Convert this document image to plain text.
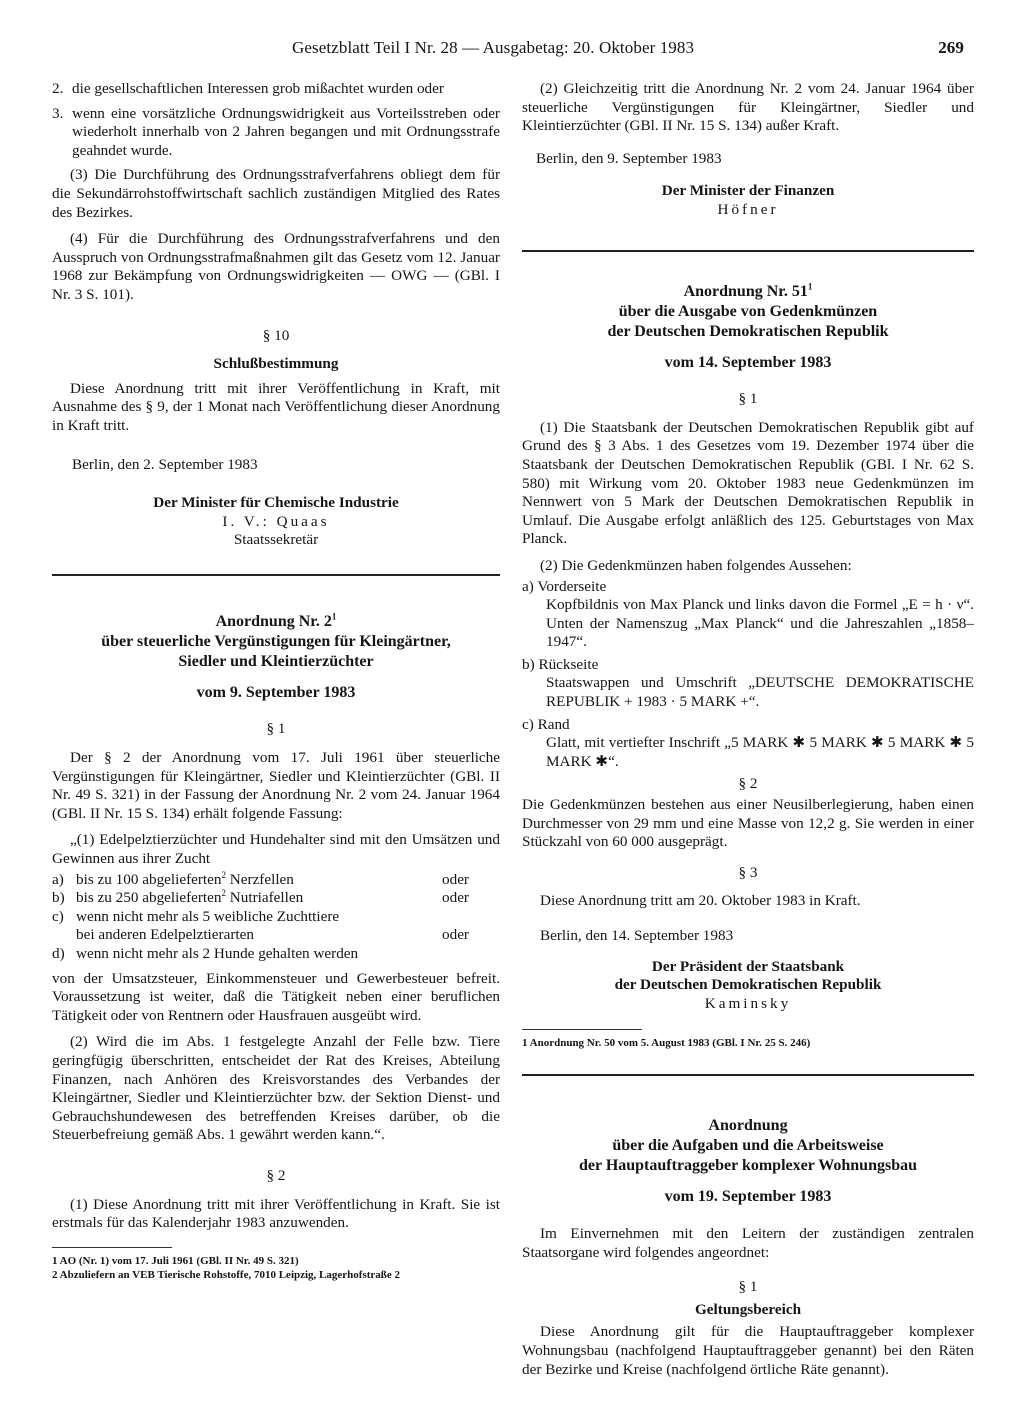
Gesetzblatt Teil I Nr. 28 — Ausgabetag: 20. Oktober 1983	269
2. die gesellschaftlichen Interessen grob mißachtet wurden oder
3. wenn eine vorsätzliche Ordnungswidrigkeit aus Vorteilsstreben oder wiederholt innerhalb von 2 Jahren begangen und mit Ordnungsstrafe geahndet wurde.

(3) Die Durchführung des Ordnungsstrafverfahrens obliegt dem für die Sekundärrohstoffwirtschaft sachlich zuständigen Mitglied des Rates des Bezirkes.

(4) Für die Durchführung des Ordnungsstrafverfahrens und den Ausspruch von Ordnungsstrafmaßnahmen gilt das Gesetz vom 12. Januar 1968 zur Bekämpfung von Ordnungswidrigkeiten — OWG — (GBl. I Nr. 3 S. 101).

§ 10

Schlußbestimmung

Diese Anordnung tritt mit ihrer Veröffentlichung in Kraft, mit Ausnahme des § 9, der 1 Monat nach Veröffentlichung dieser Anordnung in Kraft tritt.

Berlin, den 2. September 1983

Der Minister für Chemische Industrie

I. V.: Quaas

Staatssekretär

Anordnung Nr. $2^1$

über steuerliche Vergünstigungen für Kleingärtner,

Siedler und Kleintierzüchter

vom 9. September 1983

§ 1

Der § 2 der Anordnung vom 17. Juli 1961 über steuerliche Vergünstigungen für Kleingärtner, Siedler und Kleintierzüchter (GBl. II Nr. 49 S. 321) in der Fassung der Anordnung Nr. 2 vom 24. Januar 1964 (GBl. II Nr. 15 S. 134) erhält folgende Fassung:

„(1) Edelpelztierzüchter und Hundehalter sind mit den Umsätzen und Gewinnen aus ihrer Zucht

a) bis zu 100 abgelieferten$^2$ Nerzfellen	oder
b) bis zu 250 abgelieferten$^2$ Nutriafellen	oder
c) wenn nicht mehr als 5 weibliche Zuchttiere
bei anderen Edelpelztierarten	oder
d) wenn nicht mehr als 2 Hunde gehalten werden

von der Umsatzsteuer, Einkommensteuer und Gewerbesteuer befreit. Voraussetzung ist weiter, daß die Tätigkeit neben einer beruflichen Tätigkeit oder von Rentnern oder Hausfrauen ausgeübt wird.

(2) Wird die im Abs. 1 festgelegte Anzahl der Felle bzw. Tiere geringfügig überschritten, entscheidet der Rat des Kreises, Abteilung Finanzen, nach Anhören des Kreisvorstandes des Verbandes der Kleingärtner, Siedler und Kleintierzüchter bzw. der Sektion Dienst- und Gebrauchshundewesen des betreffenden Kreises darüber, ob die Steuerbefreiung gemäß Abs. 1 gewährt werden kann.“.

§ 2

(1) Diese Anordnung tritt mit ihrer Veröffentlichung in Kraft. Sie ist erstmals für das Kalenderjahr 1983 anzuwenden.

1 AO (Nr. 1) vom 17. Juli 1961 (GBl. II Nr. 49 S. 321)

2 Abzuliefern an VEB Tierische Rohstoffe, 7010 Leipzig, Lagerhofstraße 2

(2) Gleichzeitig tritt die Anordnung Nr. 2 vom 24. Januar 1964 über steuerliche Vergünstigungen für Kleingärtner, Siedler und Kleintierzüchter (GBl. II Nr. 15 S. 134) außer Kraft.

Berlin, den 9. September 1983

Der Minister der Finanzen

Höfner

Anordnung Nr. $51^1$

über die Ausgabe von Gedenkmünzen

der Deutschen Demokratischen Republik

vom 14. September 1983

§ 1

(1) Die Staatsbank der Deutschen Demokratischen Republik gibt auf Grund des § 3 Abs. 1 des Gesetzes vom 19. Dezember 1974 über die Staatsbank der Deutschen Demokratischen Republik (GBl. I Nr. 62 S. 580) mit Wirkung vom 20. Oktober 1983 neue Gedenkmünzen im Nennwert von 5 Mark der Deutschen Demokratischen Republik in Umlauf. Die Ausgabe erfolgt anläßlich des 125. Geburtstages von Max Planck.

(2) Die Gedenkmünzen haben folgendes Aussehen:

a) Vorderseite
Kopfbildnis von Max Planck und links davon die Formel „E = h · ν“. Unten der Namenszug „Max Planck“ und die Jahreszahlen „1858–1947“.
b) Rückseite
Staatswappen und Umschrift „DEUTSCHE DEMOKRATISCHE REPUBLIK + 1983 · 5 MARK +“.
c) Rand
Glatt, mit vertiefter Inschrift „5 MARK ✱ 5 MARK ✱ 5 MARK ✱ 5 MARK ✱“.

§ 2

Die Gedenkmünzen bestehen aus einer Neusilberlegierung, haben einen Durchmesser von 29 mm und eine Masse von 12,2 g. Sie werden in einer Stückzahl von 60 000 ausgeprägt.

§ 3

Diese Anordnung tritt am 20. Oktober 1983 in Kraft.

Berlin, den 14. September 1983

Der Präsident der Staatsbank

der Deutschen Demokratischen Republik

Kaminsky

1 Anordnung Nr. 50 vom 5. August 1983 (GBl. I Nr. 25 S. 246)

Anordnung

über die Aufgaben und die Arbeitsweise

der Hauptauftraggeber komplexer Wohnungsbau

vom 19. September 1983

Im Einvernehmen mit den Leitern der zuständigen zentralen Staatsorgane wird folgendes angeordnet:

§ 1

Geltungsbereich

Diese Anordnung gilt für die Hauptauftraggeber komplexer Wohnungsbau (nachfolgend Hauptauftraggeber genannt) bei den Räten der Bezirke und Kreise (nachfolgend örtliche Räte genannt).
